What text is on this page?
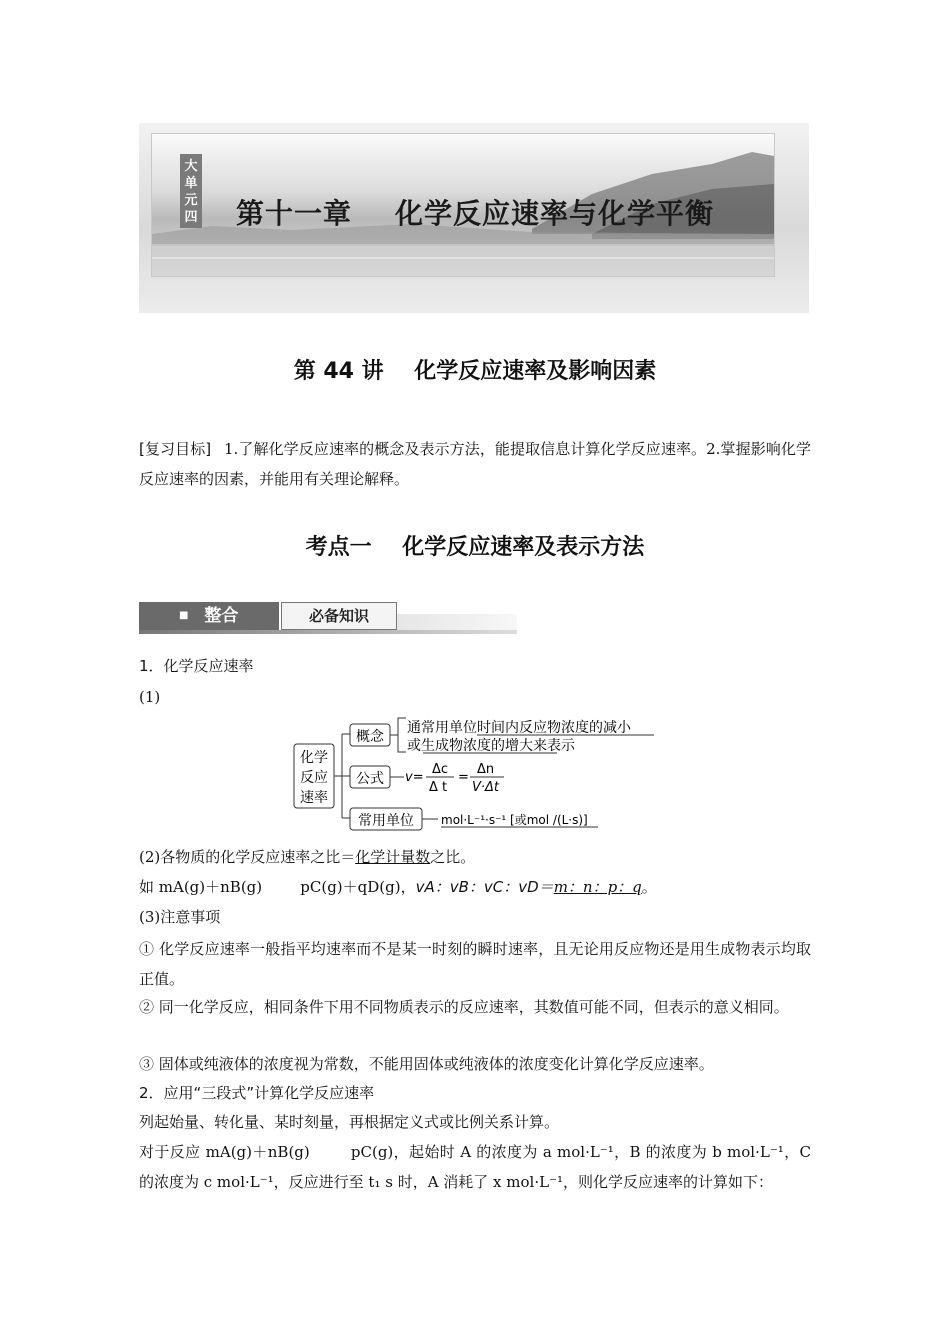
大单元四 第十一章    化学反应速率与化学平衡
第 44 讲    化学反应速率及影响因素
[复习目标] 1.了解化学反应速率的概念及表示方法，能提取信息计算化学反应速率。2.掌握影响化学反应速率的因素，并能用有关理论解释。
考点一    化学反应速率及表示方法
■ 整合	必备知识
1．化学反应速率
(1)
化学
反应
速率
概念
通常用单位时间内反应物浓度的减小
或生成物浓度的增大来表示
公式 v=
Δc
Δ t
=
Δn
V·Δt
常用单位 mol·L⁻¹·s⁻¹ [或mol /(L·s)]
(2)各物质的化学反应速率之比＝化学计量数之比。
如 mA(g)＋nB(g)        pC(g)＋qD(g)，vA：vB：vC：vD＝m：n：p：q。
(3)注意事项
① 化学反应速率一般指平均速率而不是某一时刻的瞬时速率，且无论用反应物还是用生成物表示均取正值。
② 同一化学反应，相同条件下用不同物质表示的反应速率，其数值可能不同，但表示的意义相同。
③ 固体或纯液体的浓度视为常数，不能用固体或纯液体的浓度变化计算化学反应速率。
2．应用“三段式”计算化学反应速率
列起始量、转化量、某时刻量，再根据定义式或比例关系计算。
对于反应 mA(g)＋nB(g)        pC(g)，起始时 A 的浓度为 a mol·L⁻¹，B 的浓度为 b mol·L⁻¹，C 的浓度为 c mol·L⁻¹，反应进行至 t₁ s 时，A 消耗了 x mol·L⁻¹，则化学反应速率的计算如下：
